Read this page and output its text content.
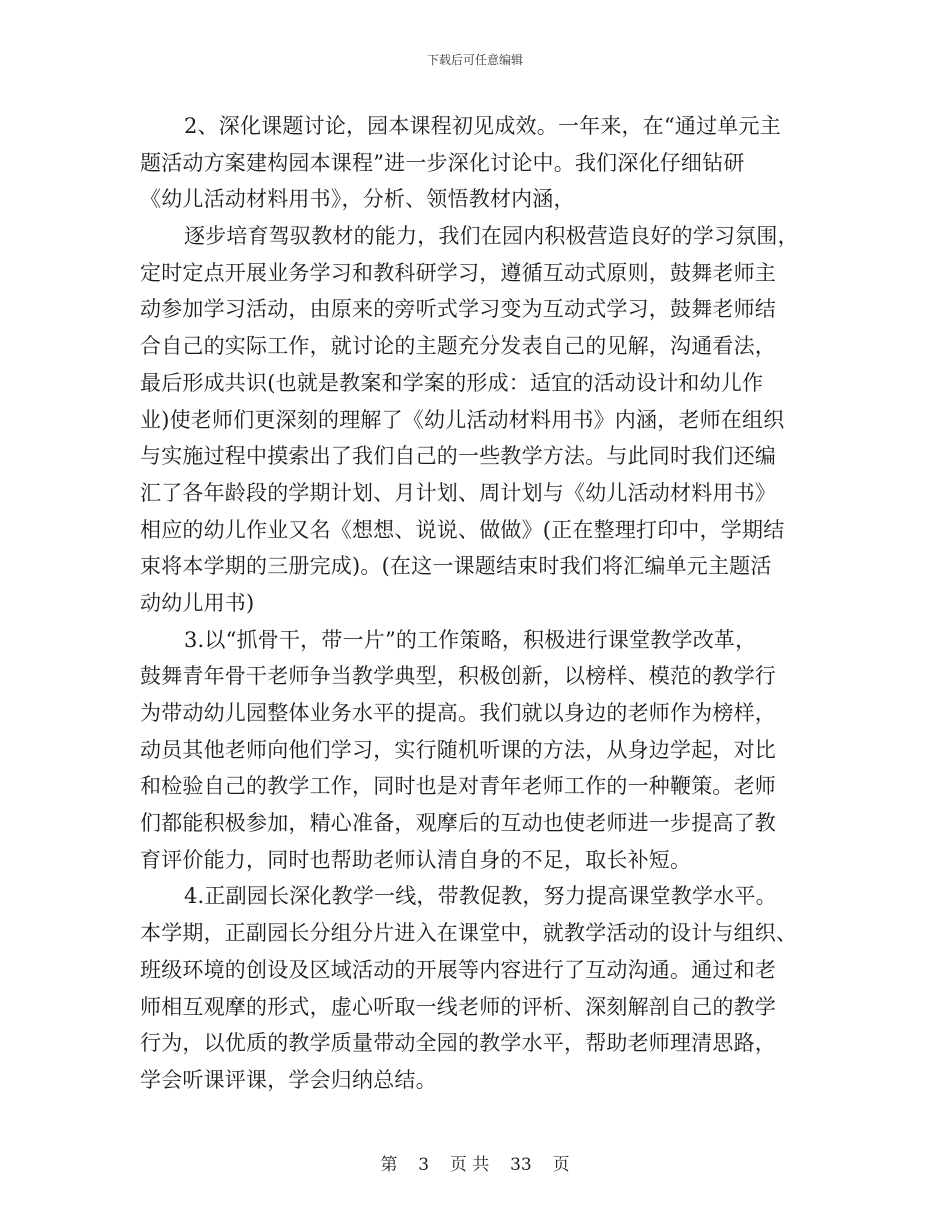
下载后可任意编辑
2、深化课题讨论，园本课程初见成效。一年来，在“通过单元主
题活动方案建构园本课程”进一步深化讨论中。我们深化仔细钻研
《幼儿活动材料用书》，分析、领悟教材内涵，
逐步培育驾驭教材的能力，我们在园内积极营造良好的学习氛围，
定时定点开展业务学习和教科研学习，遵循互动式原则，鼓舞老师主
动参加学习活动，由原来的旁听式学习变为互动式学习，鼓舞老师结
合自己的实际工作，就讨论的主题充分发表自己的见解，沟通看法，
最后形成共识(也就是教案和学案的形成：适宜的活动设计和幼儿作
业)使老师们更深刻的理解了《幼儿活动材料用书》内涵，老师在组织
与实施过程中摸索出了我们自己的一些教学方法。与此同时我们还编
汇了各年龄段的学期计划、月计划、周计划与《幼儿活动材料用书》
相应的幼儿作业又名《想想、说说、做做》(正在整理打印中，学期结
束将本学期的三册完成)。(在这一课题结束时我们将汇编单元主题活
动幼儿用书)
3.以“抓骨干，带一片”的工作策略，积极进行课堂教学改革，
鼓舞青年骨干老师争当教学典型，积极创新，以榜样、模范的教学行
为带动幼儿园整体业务水平的提高。我们就以身边的老师作为榜样，
动员其他老师向他们学习，实行随机听课的方法，从身边学起，对比
和检验自己的教学工作，同时也是对青年老师工作的一种鞭策。老师
们都能积极参加，精心准备，观摩后的互动也使老师进一步提高了教
育评价能力，同时也帮助老师认清自身的不足，取长补短。
4.正副园长深化教学一线，带教促教，努力提高课堂教学水平。
本学期，正副园长分组分片进入在课堂中，就教学活动的设计与组织、
班级环境的创设及区域活动的开展等内容进行了互动沟通。通过和老
师相互观摩的形式，虚心听取一线老师的评析、深刻解剖自己的教学
行为，以优质的教学质量带动全园的教学水平，帮助老师理清思路，
学会听课评课，学会归纳总结。
第 3 页 共 33 页
